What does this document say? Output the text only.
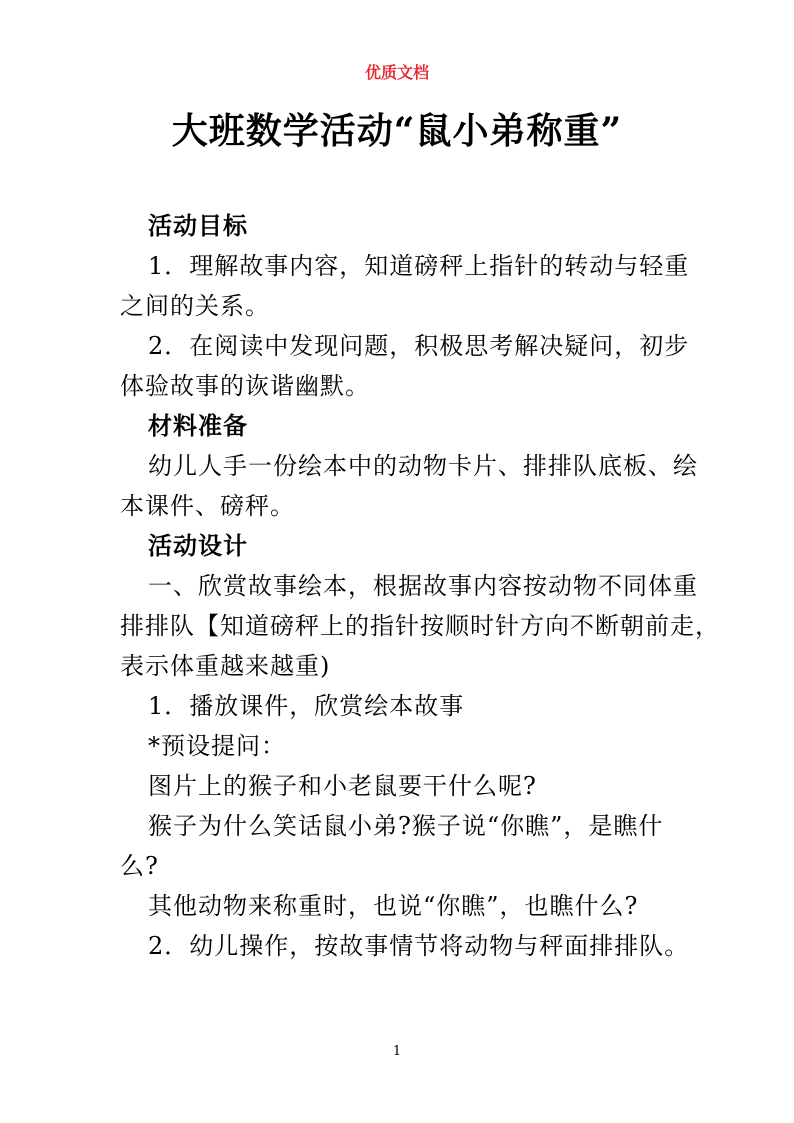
优质文档
大班数学活动“鼠小弟称重”
活动目标
1．理解故事内容，知道磅秤上指针的转动与轻重
之间的关系。
2．在阅读中发现问题，积极思考解决疑问，初步
体验故事的诙谐幽默。
材料准备
幼儿人手一份绘本中的动物卡片、排排队底板、绘
本课件、磅秤。
活动设计
一、欣赏故事绘本，根据故事内容按动物不同体重
排排队【知道磅秤上的指针按顺时针方向不断朝前走，
表示体重越来越重)
1．播放课件，欣赏绘本故事
*预设提问：
图片上的猴子和小老鼠要干什么呢?
猴子为什么笑话鼠小弟?猴子说“你瞧”，是瞧什
么?
其他动物来称重时，也说“你瞧”，也瞧什么?
2．幼儿操作，按故事情节将动物与秤面排排队。
1
